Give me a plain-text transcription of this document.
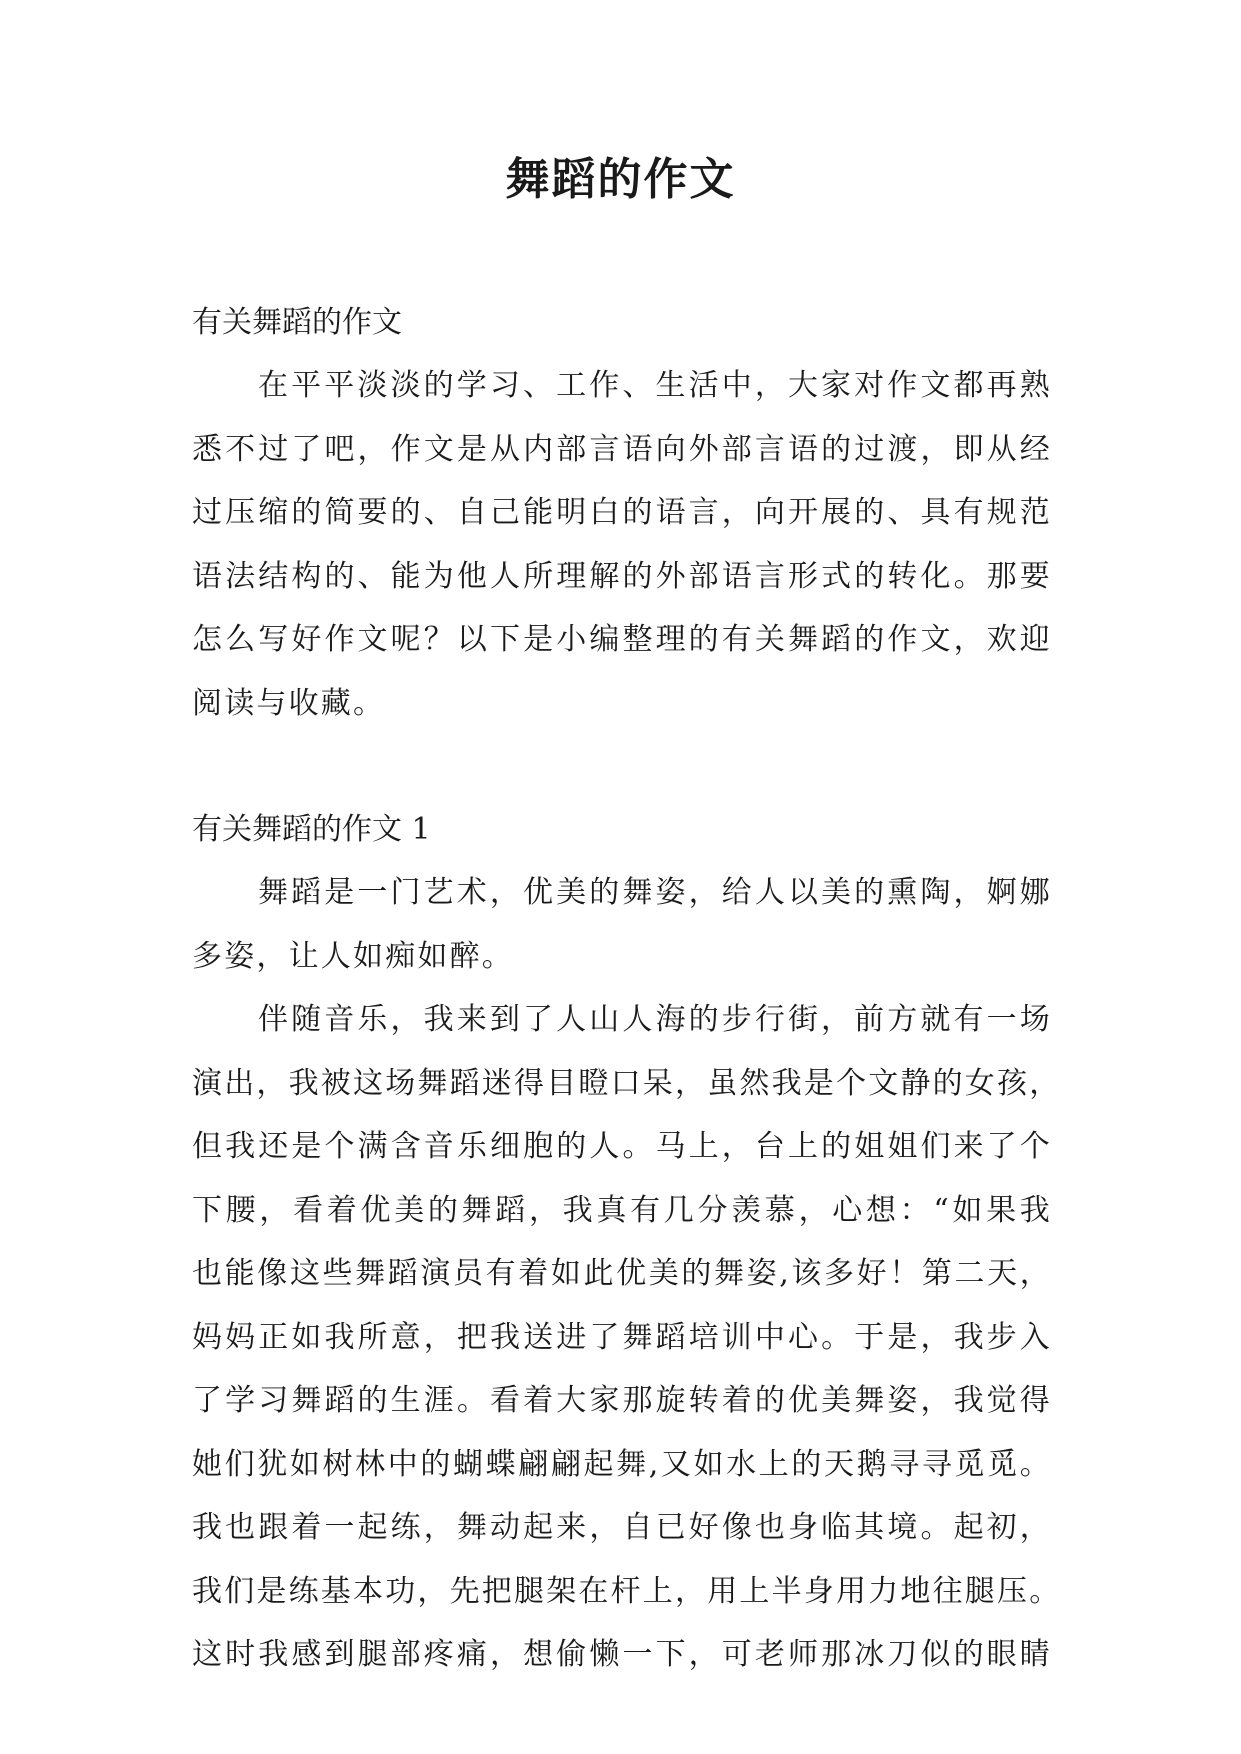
舞蹈的作文

有关舞蹈的作文

在平平淡淡的学习、工作、生活中，大家对作文都再熟
悉不过了吧，作文是从内部言语向外部言语的过渡，即从经
过压缩的简要的、自己能明白的语言，向开展的、具有规范
语法结构的、能为他人所理解的外部语言形式的转化。那要
怎么写好作文呢？以下是小编整理的有关舞蹈的作文，欢迎
阅读与收藏。

有关舞蹈的作文 1

舞蹈是一门艺术，优美的舞姿，给人以美的熏陶，婀娜
多姿，让人如痴如醉。

伴随音乐，我来到了人山人海的步行街，前方就有一场
演出，我被这场舞蹈迷得目瞪口呆，虽然我是个文静的女孩，
但我还是个满含音乐细胞的人。马上，台上的姐姐们来了个
下腰，看着优美的舞蹈，我真有几分羡慕，心想：“如果我
也能像这些舞蹈演员有着如此优美的舞姿,该多好！第二天，
妈妈正如我所意，把我送进了舞蹈培训中心。于是，我步入
了学习舞蹈的生涯。看着大家那旋转着的优美舞姿，我觉得
她们犹如树林中的蝴蝶翩翩起舞,又如水上的天鹅寻寻觅觅。
我也跟着一起练，舞动起来，自已好像也身临其境。起初，
我们是练基本功，先把腿架在杆上，用上半身用力地往腿压。
这时我感到腿部疼痛，想偷懒一下，可老师那冰刀似的眼睛
